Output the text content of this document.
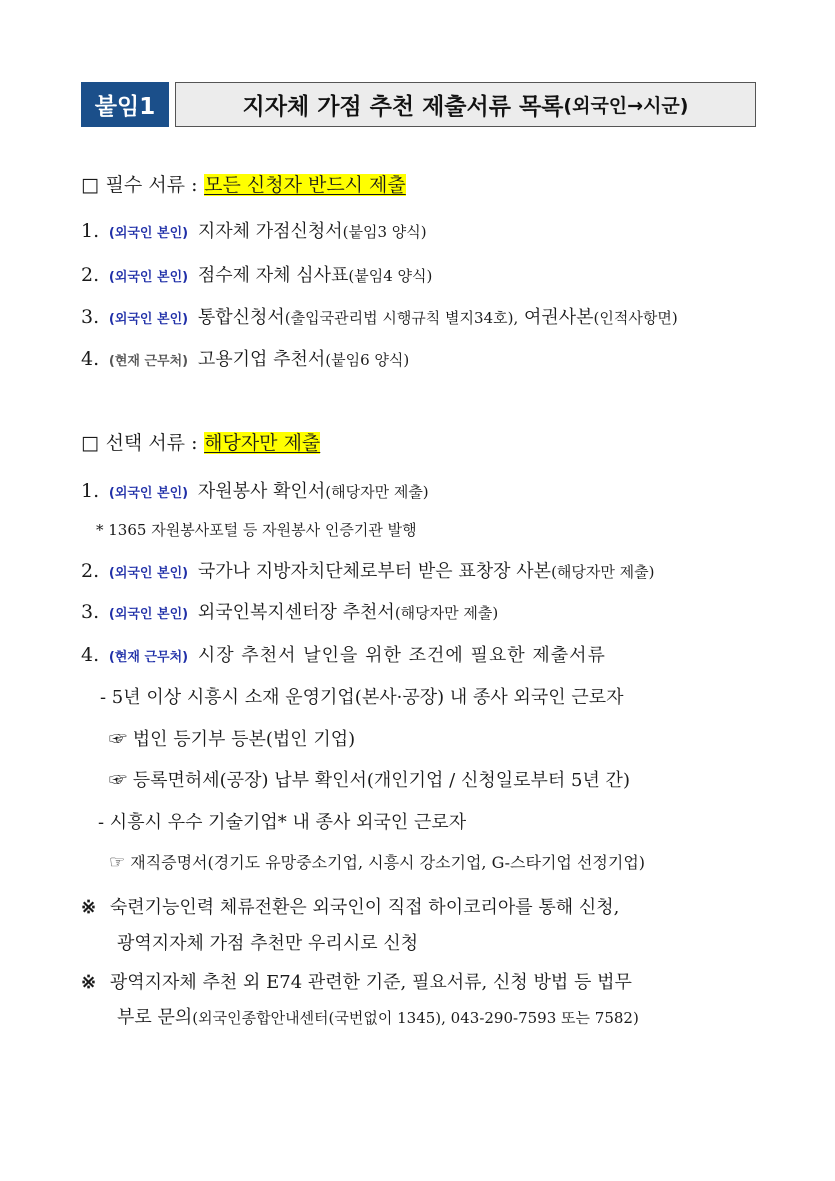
붙임1	지자체 가점 추천 제출서류 목록 (외국인→시군)
□ 필수 서류 : 모든 신청자 반드시 제출
1. (외국인 본인) 지자체 가점신청서(붙임3 양식)
2. (외국인 본인) 점수제 자체 심사표(붙임4 양식)
3. (외국인 본인) 통합신청서(출입국관리법 시행규칙 별지34호), 여권사본(인적사항면)
4. (현재 근무처) 고용기업 추천서(붙임6 양식)
□ 선택 서류 : 해당자만 제출
1. (외국인 본인) 자원봉사 확인서(해당자만 제출)
* 1365 자원봉사포털 등 자원봉사 인증기관 발행
2. (외국인 본인) 국가나 지방자치단체로부터 받은 표창장 사본(해당자만 제출)
3. (외국인 본인) 외국인복지센터장 추천서(해당자만 제출)
4. (현재 근무처) 시장 추천서 날인을 위한 조건에 필요한 제출서류
- 5년 이상 시흥시 소재 운영기업(본사·공장) 내 종사 외국인 근로자
☞ 법인 등기부 등본(법인 기업)
☞ 등록면허세(공장) 납부 확인서(개인기업 / 신청일로부터 5년 간)
- 시흥시 우수 기술기업* 내 종사 외국인 근로자
☞ 재직증명서(경기도 유망중소기업, 시흥시 강소기업, G-스타기업 선정기업)
※ 숙련기능인력 체류전환은 외국인이 직접 하이코리아를 통해 신청,
광역지자체 가점 추천만 우리시로 신청
※ 광역지자체 추천 외 E74 관련한 기준, 필요서류, 신청 방법 등 법무
부로 문의(외국인종합안내센터(국번없이 1345), 043-290-7593 또는 7582)
